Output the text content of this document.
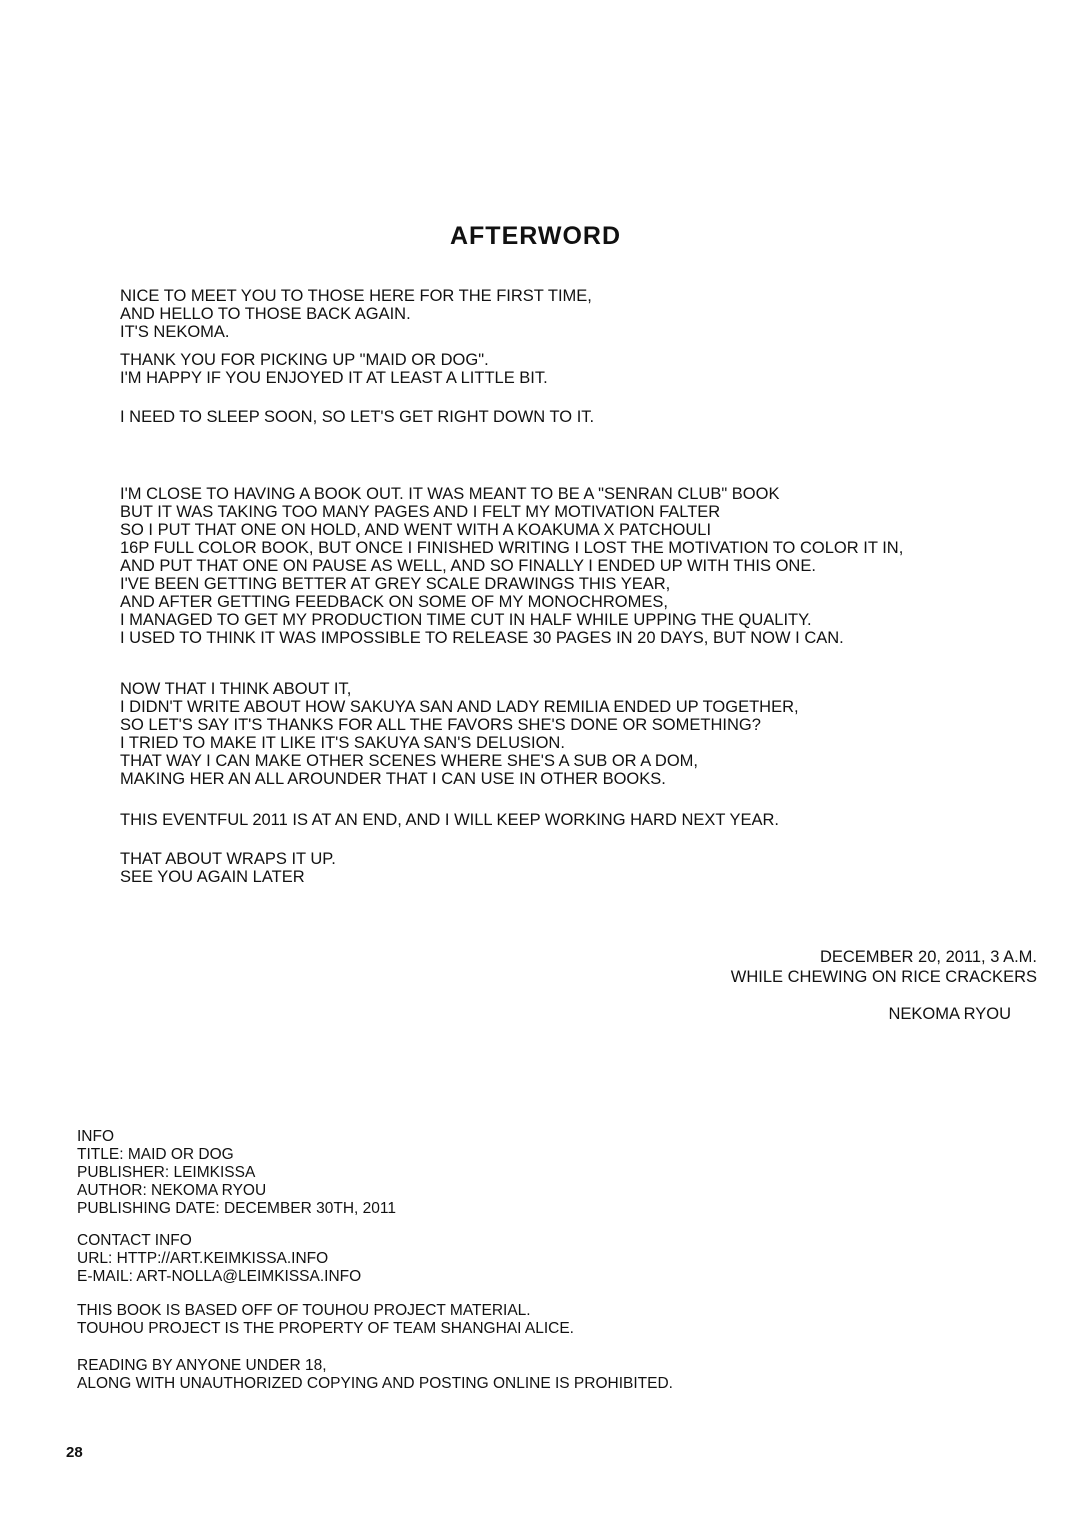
AFTERWORD
NICE TO MEET YOU TO THOSE HERE FOR THE FIRST TIME,
AND HELLO TO THOSE BACK AGAIN.
IT'S NEKOMA.
THANK YOU FOR PICKING UP "MAID OR DOG".
I'M HAPPY IF YOU ENJOYED IT AT LEAST A LITTLE BIT.
I NEED TO SLEEP SOON, SO LET'S GET RIGHT DOWN TO IT.
I'M CLOSE TO HAVING A BOOK OUT. IT WAS MEANT TO BE A "SENRAN CLUB" BOOK
BUT IT WAS TAKING TOO MANY PAGES AND I FELT MY MOTIVATION FALTER
SO I PUT THAT ONE ON HOLD, AND WENT WITH A KOAKUMA X PATCHOULI
16P FULL COLOR BOOK, BUT ONCE I FINISHED WRITING I LOST THE MOTIVATION TO COLOR IT IN,
AND PUT THAT ONE ON PAUSE AS WELL, AND SO FINALLY I ENDED UP WITH THIS ONE.
I'VE BEEN GETTING BETTER AT GREY SCALE DRAWINGS THIS YEAR,
AND AFTER GETTING FEEDBACK ON SOME OF MY MONOCHROMES,
I MANAGED TO GET MY PRODUCTION TIME CUT IN HALF WHILE UPPING THE QUALITY.
I USED TO THINK IT WAS IMPOSSIBLE TO RELEASE 30 PAGES IN 20 DAYS, BUT NOW I CAN.
NOW THAT I THINK ABOUT IT,
I DIDN'T WRITE ABOUT HOW SAKUYA SAN AND LADY REMILIA ENDED UP TOGETHER,
SO LET'S SAY IT'S THANKS FOR ALL THE FAVORS SHE'S DONE OR SOMETHING?
I TRIED TO MAKE IT LIKE IT'S SAKUYA SAN'S DELUSION.
THAT WAY I CAN MAKE OTHER SCENES WHERE SHE'S A SUB OR A DOM,
MAKING HER AN ALL AROUNDER THAT I CAN USE IN OTHER BOOKS.
THIS EVENTFUL 2011 IS AT AN END, AND I WILL KEEP WORKING HARD NEXT YEAR.
THAT ABOUT WRAPS IT UP.
SEE YOU AGAIN LATER
DECEMBER 20, 2011, 3 A.M.
WHILE CHEWING ON RICE CRACKERS
NEKOMA RYOU
INFO
TITLE: MAID OR DOG
PUBLISHER: LEIMKISSA
AUTHOR: NEKOMA RYOU
PUBLISHING DATE: DECEMBER 30TH, 2011
CONTACT INFO
URL: HTTP://ART.KEIMKISSA.INFO
E-MAIL: ART-NOLLA@LEIMKISSA.INFO
THIS BOOK IS BASED OFF OF TOUHOU PROJECT MATERIAL.
TOUHOU PROJECT IS THE PROPERTY OF TEAM SHANGHAI ALICE.
READING BY ANYONE UNDER 18,
ALONG WITH UNAUTHORIZED COPYING AND POSTING ONLINE IS PROHIBITED.
28
